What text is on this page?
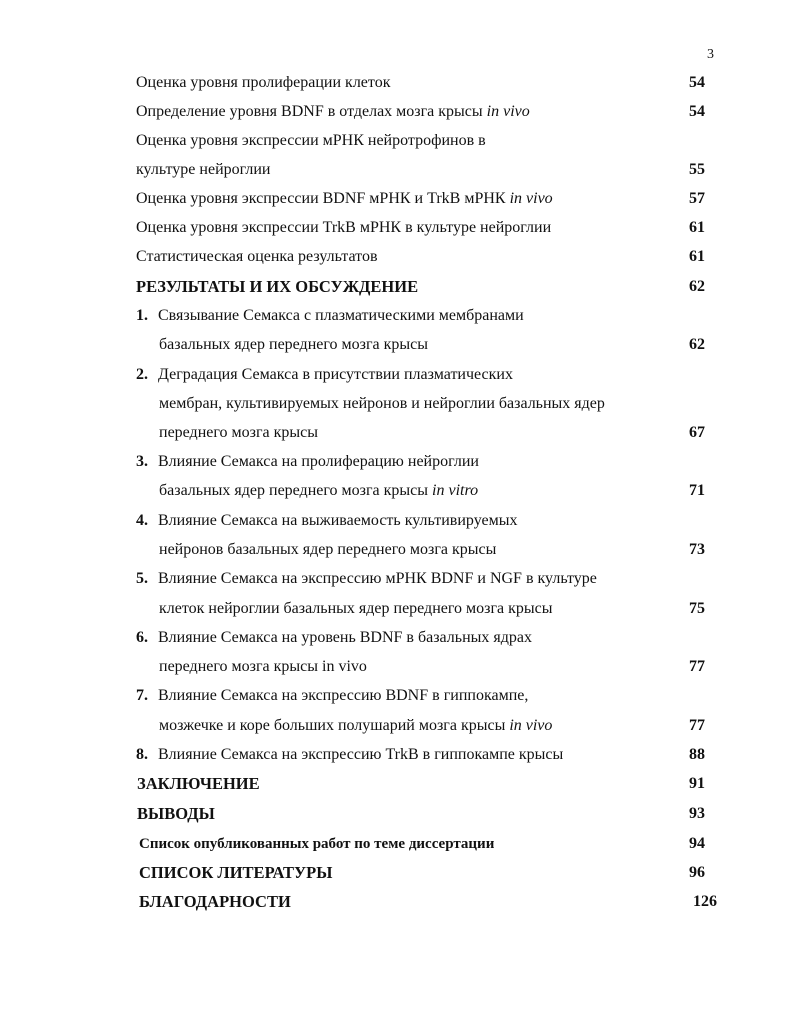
3
Оценка уровня пролиферации клеток	54
Определение уровня BDNF в отделах мозга крысы in vivo	54
Оценка уровня экспрессии мРНК нейротрофинов в
культуре нейроглии	55
Оценка уровня экспрессии BDNF мРНК и TrkB мРНК in vivo	57
Оценка уровня экспрессии TrkB мРНК в культуре нейроглии	61
Статистическая оценка результатов	61
РЕЗУЛЬТАТЫ И ИХ ОБСУЖДЕНИЕ	62
1. Связывание Семакса с плазматическими мембранами
базальных ядер переднего мозга крысы	62
2. Деградация Семакса в присутствии плазматических
мембран, культивируемых нейронов и нейроглии базальных ядер
переднего мозга крысы	67
3. Влияние Семакса на пролиферацию нейроглии
базальных ядер переднего мозга крысы in vitro	71
4. Влияние Семакса на выживаемость культивируемых
нейронов базальных ядер переднего мозга крысы	73
5. Влияние Семакса на экспрессию мРНК BDNF и NGF в культуре
клеток нейроглии базальных ядер переднего мозга крысы	75
6. Влияние Семакса на уровень BDNF в базальных ядрах
переднего мозга крысы in vivo	77
7. Влияние Семакса на экспрессию BDNF в гиппокампе,
мозжечке и коре больших полушарий мозга крысы in vivo	77
8. Влияние Семакса на экспрессию TrkB в гиппокампе крысы	88
ЗАКЛЮЧЕНИЕ	91
ВЫВОДЫ	93
Список опубликованных работ по теме диссертации	94
СПИСОК ЛИТЕРАТУРЫ	96
БЛАГОДАРНОСТИ	126
